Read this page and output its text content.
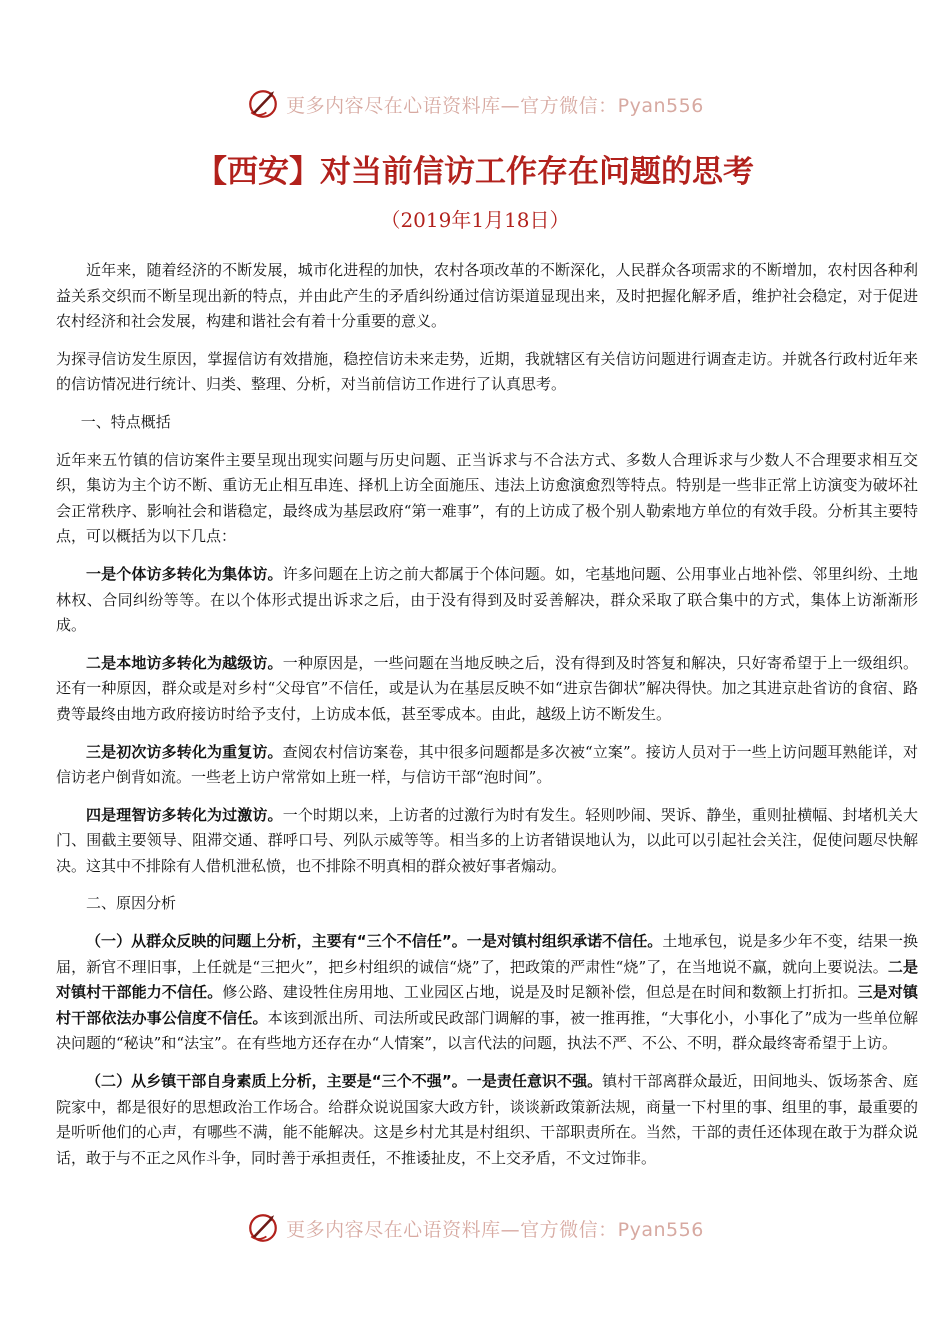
更多内容尽在心语资料库—官方微信：Pyan556
【西安】对当前信访工作存在问题的思考
（2019年1月18日）

近年来，随着经济的不断发展，城市化进程的加快，农村各项改革的不断深化，人民群众各项需求的不断增加，农村因各种利益关系交织而不断呈现出新的特点，并由此产生的矛盾纠纷通过信访渠道显现出来，及时把握化解矛盾，维护社会稳定，对于促进农村经济和社会发展，构建和谐社会有着十分重要的意义。

为探寻信访发生原因，掌握信访有效措施，稳控信访未来走势，近期，我就辖区有关信访问题进行调查走访。并就各行政村近年来的信访情况进行统计、归类、整理、分析，对当前信访工作进行了认真思考。

一、特点概括

近年来五竹镇的信访案件主要呈现出现实问题与历史问题、正当诉求与不合法方式、多数人合理诉求与少数人不合理要求相互交织，集访为主个访不断、重访无止相互串连、择机上访全面施压、违法上访愈演愈烈等特点。特别是一些非正常上访演变为破坏社会正常秩序、影响社会和谐稳定，最终成为基层政府“第一难事”，有的上访成了极个别人勒索地方单位的有效手段。分析其主要特点，可以概括为以下几点：

一是个体访多转化为集体访。许多问题在上访之前大都属于个体问题。如，宅基地问题、公用事业占地补偿、邻里纠纷、土地林权、合同纠纷等等。在以个体形式提出诉求之后，由于没有得到及时妥善解决，群众采取了联合集中的方式，集体上访渐渐形成。

二是本地访多转化为越级访。一种原因是，一些问题在当地反映之后，没有得到及时答复和解决，只好寄希望于上一级组织。还有一种原因，群众或是对乡村“父母官”不信任，或是认为在基层反映不如“进京告御状”解决得快。加之其进京赴省访的食宿、路费等最终由地方政府接访时给予支付，上访成本低，甚至零成本。由此，越级上访不断发生。

三是初次访多转化为重复访。查阅农村信访案卷，其中很多问题都是多次被“立案”。接访人员对于一些上访问题耳熟能详，对信访老户倒背如流。一些老上访户常常如上班一样，与信访干部“泡时间”。

四是理智访多转化为过激访。一个时期以来，上访者的过激行为时有发生。轻则吵闹、哭诉、静坐，重则扯横幅、封堵机关大门、围截主要领导、阻滞交通、群呼口号、列队示威等等。相当多的上访者错误地认为，以此可以引起社会关注，促使问题尽快解决。这其中不排除有人借机泄私愤，也不排除不明真相的群众被好事者煽动。

二、原因分析

（一）从群众反映的问题上分析，主要有“三个不信任”。一是对镇村组织承诺不信任。土地承包，说是多少年不变，结果一换届，新官不理旧事，上任就是“三把火”，把乡村组织的诚信“烧”了，把政策的严肃性“烧”了，在当地说不赢，就向上要说法。二是对镇村干部能力不信任。修公路、建设牲住房用地、工业园区占地，说是及时足额补偿，但总是在时间和数额上打折扣。三是对镇村干部依法办事公信度不信任。本该到派出所、司法所或民政部门调解的事，被一推再推，“大事化小，小事化了”成为一些单位解决问题的“秘诀”和“法宝”。在有些地方还存在办“人情案”，以言代法的问题，执法不严、不公、不明，群众最终寄希望于上访。

（二）从乡镇干部自身素质上分析，主要是“三个不强”。一是责任意识不强。镇村干部离群众最近，田间地头、饭场茶舍、庭院家中，都是很好的思想政治工作场合。给群众说说国家大政方针，谈谈新政策新法规，商量一下村里的事、组里的事，最重要的是听听他们的心声，有哪些不满，能不能解决。这是乡村尤其是村组织、干部职责所在。当然，干部的责任还体现在敢于为群众说话，敢于与不正之风作斗争，同时善于承担责任，不推诿扯皮，不上交矛盾，不文过饰非。

更多内容尽在心语资料库—官方微信：Pyan556
